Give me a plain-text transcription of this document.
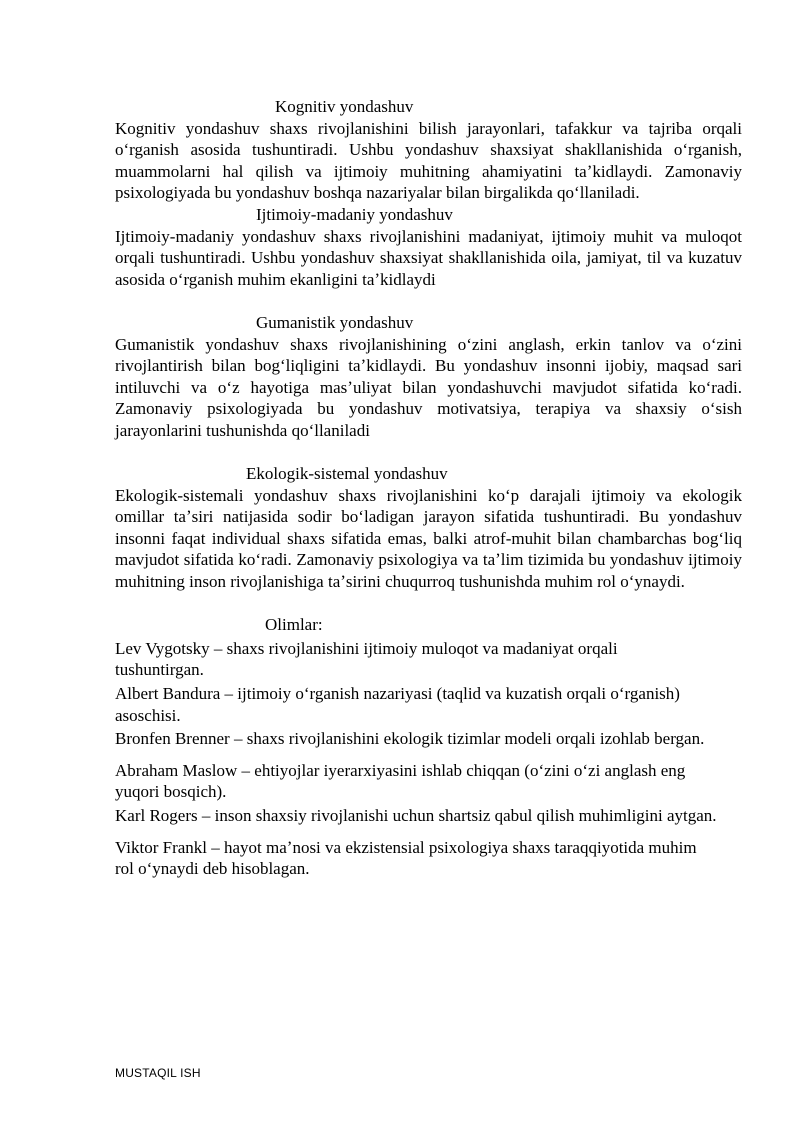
Kognitiv yondashuv

Kognitiv yondashuv shaxs rivojlanishini bilish jarayonlari, tafakkur va tajriba orqali oʻrganish asosida tushuntiradi. Ushbu yondashuv shaxsiyat shakllanishida oʻrganish, muammolarni hal qilish va ijtimoiy muhitning ahamiyatini taʼkidlaydi. Zamonaviy psixologiyada bu yondashuv boshqa nazariyalar bilan birgalikda qoʻllaniladi.

Ijtimoiy-madaniy yondashuv

Ijtimoiy-madaniy yondashuv shaxs rivojlanishini madaniyat, ijtimoiy muhit va muloqot orqali tushuntiradi. Ushbu yondashuv shaxsiyat shakllanishida oila, jamiyat, til va kuzatuv asosida oʻrganish muhim ekanligini taʼkidlaydi

Gumanistik yondashuv

Gumanistik yondashuv shaxs rivojlanishining oʻzini anglash, erkin tanlov va oʻzini rivojlantirish bilan bogʻliqligini taʼkidlaydi. Bu yondashuv insonni ijobiy, maqsad sari intiluvchi va oʻz hayotiga masʼuliyat bilan yondashuvchi mavjudot sifatida koʻradi. Zamonaviy psixologiyada bu yondashuv motivatsiya, terapiya va shaxsiy oʻsish jarayonlarini tushunishda qoʻllaniladi

Ekologik-sistemal yondashuv

Ekologik-sistemali yondashuv shaxs rivojlanishini koʻp darajali ijtimoiy va ekologik omillar taʼsiri natijasida sodir boʻladigan jarayon sifatida tushuntiradi. Bu yondashuv insonni faqat individual shaxs sifatida emas, balki atrof-muhit bilan chambarchas bogʻliq mavjudot sifatida koʻradi. Zamonaviy psixologiya va taʼlim tizimida bu yondashuv ijtimoiy muhitning inson rivojlanishiga taʼsirini chuqurroq tushunishda muhim rol oʻynaydi.

Olimlar:

Lev Vygotsky – shaxs rivojlanishini ijtimoiy muloqot va madaniyat orqali tushuntirgan.

Albert Bandura – ijtimoiy oʻrganish nazariyasi (taqlid va kuzatish orqali oʻrganish) asoschisi.

Bronfen Brenner – shaxs rivojlanishini ekologik tizimlar modeli orqali izohlab bergan.

Abraham Maslow – ehtiyojlar iyerarxiyasini ishlab chiqqan (oʻzini oʻzi anglash eng yuqori bosqich).

Karl Rogers – inson shaxsiy rivojlanishi uchun shartsiz qabul qilish muhimligini aytgan.

Viktor Frankl – hayot maʼnosi va ekzistensial psixologiya shaxs taraqqiyotida muhim rol oʻynaydi deb hisoblagan.

MUSTAQIL ISH
